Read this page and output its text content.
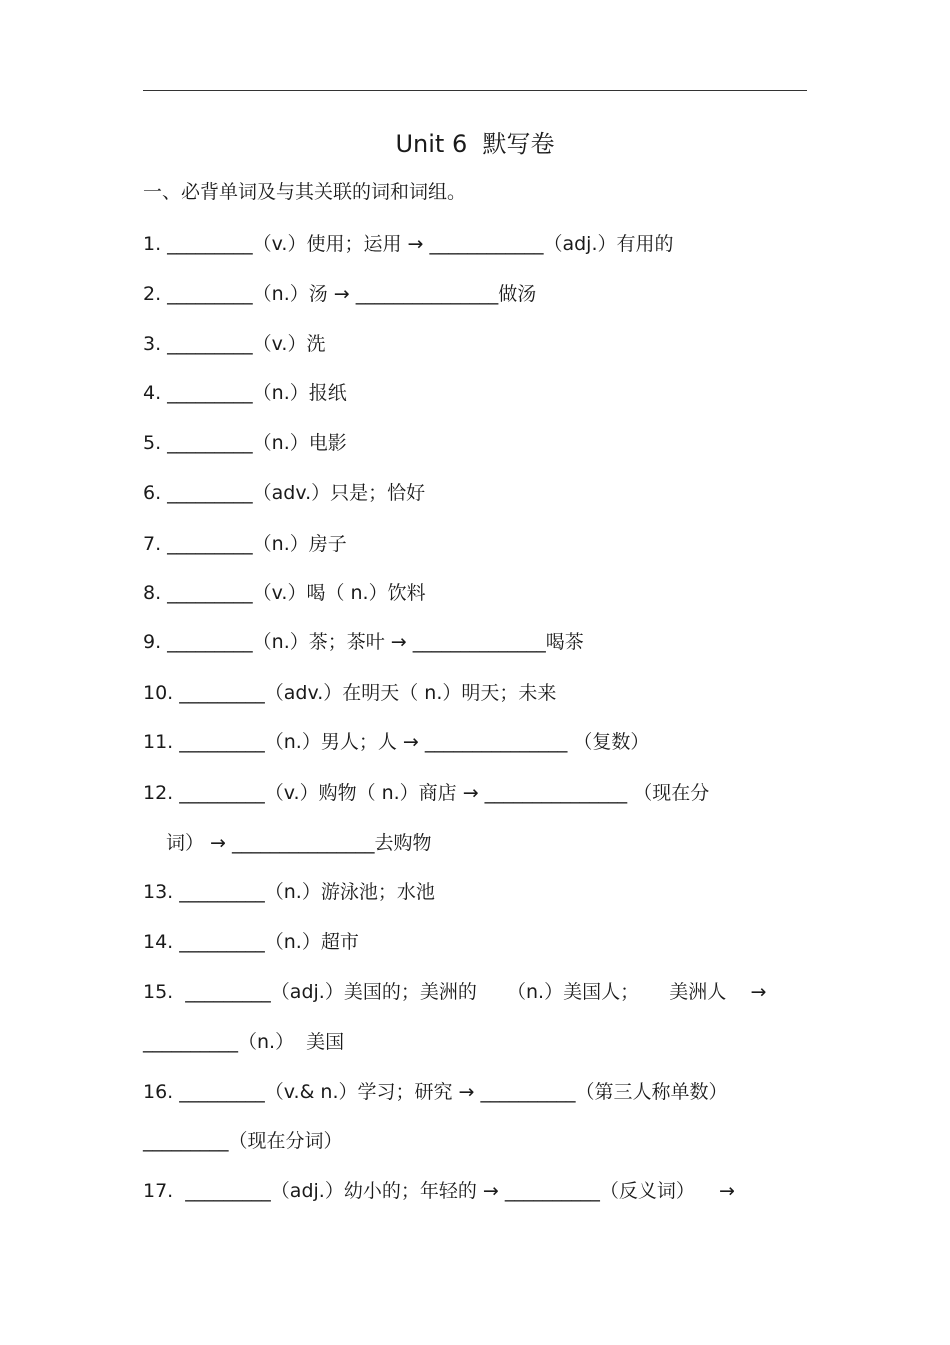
Unit 6  默写卷
一、必背单词及与其关联的词和词组。
1. _________（v.）使用；运用 → ____________（adj.）有用的
2. _________（n.）汤 → _______________做汤
3. _________（v.）洗
4. _________（n.）报纸
5. _________（n.）电影
6. _________（adv.）只是；恰好
7. _________（n.）房子
8. _________（v.）喝（ n.）饮料
9. _________（n.）茶；茶叶 → ______________喝茶
10. _________（adv.）在明天（ n.）明天；未来
11. _________（n.）男人；人 → _______________ （复数）
12. _________（v.）购物（ n.）商店 → _______________ （现在分
词） → _______________去购物
13. _________（n.）游泳池；水池
14. _________（n.）超市
15.  _________（adj.）美国的；美洲的     （n.）美国人；     美洲人    →
__________（n.）  美国
16. _________（v.& n.）学习；研究 → __________（第三人称单数）
_________（现在分词）
17.  _________（adj.）幼小的；年轻的 → __________（反义词）    →
